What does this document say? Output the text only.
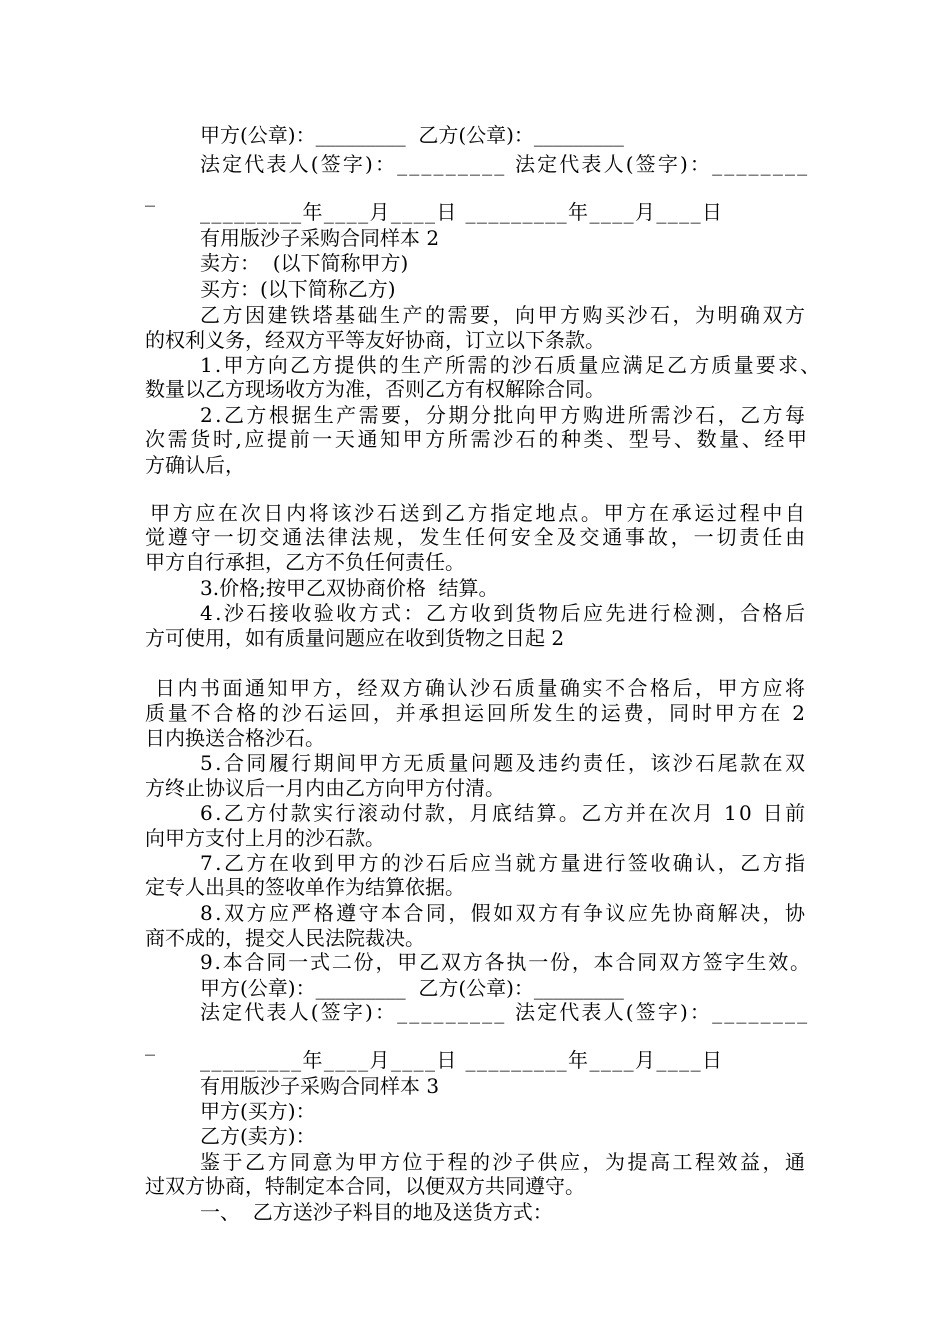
甲方(公章)：_________  乙方(公章)：_________
法定代表人(签字)：_________ 法定代表人(签字)：________
_
_________年____月____日 _________年____月____日
有用版沙子采购合同样本 2
卖方：  (以下简称甲方)
买方：(以下简称乙方)
乙方因建铁塔基础生产的需要，向甲方购买沙石，为明确双方
的权利义务，经双方平等友好协商，订立以下条款。
1.甲方向乙方提供的生产所需的沙石质量应满足乙方质量要求、
数量以乙方现场收方为准，否则乙方有权解除合同。
2.乙方根据生产需要，分期分批向甲方购进所需沙石，乙方每
次需货时,应提前一天通知甲方所需沙石的种类、型号、数量、经甲
方确认后，
甲方应在次日内将该沙石送到乙方指定地点。甲方在承运过程中自
觉遵守一切交通法律法规，发生任何安全及交通事故，一切责任由
甲方自行承担，乙方不负任何责任。
3.价格;按甲乙双协商价格  结算。
4.沙石接收验收方式：乙方收到货物后应先进行检测，合格后
方可使用，如有质量问题应在收到货物之日起 2
日内书面通知甲方，经双方确认沙石质量确实不合格后，甲方应将
质量不合格的沙石运回，并承担运回所发生的运费，同时甲方在 2
日内换送合格沙石。
5.合同履行期间甲方无质量问题及违约责任，该沙石尾款在双
方终止协议后一月内由乙方向甲方付清。
6.乙方付款实行滚动付款，月底结算。乙方并在次月 10 日前
向甲方支付上月的沙石款。
7.乙方在收到甲方的沙石后应当就方量进行签收确认，乙方指
定专人出具的签收单作为结算依据。
8.双方应严格遵守本合同，假如双方有争议应先协商解决，协
商不成的，提交人民法院裁决。
9.本合同一式二份，甲乙双方各执一份，本合同双方签字生效。
甲方(公章)：_________  乙方(公章)：_________
法定代表人(签字)：_________ 法定代表人(签字)：________
_
_________年____月____日 _________年____月____日
有用版沙子采购合同样本 3
甲方(买方)：
乙方(卖方)：
鉴于乙方同意为甲方位于程的沙子供应，为提高工程效益，通
过双方协商，特制定本合同，以便双方共同遵守。
一、  乙方送沙子料目的地及送货方式：
